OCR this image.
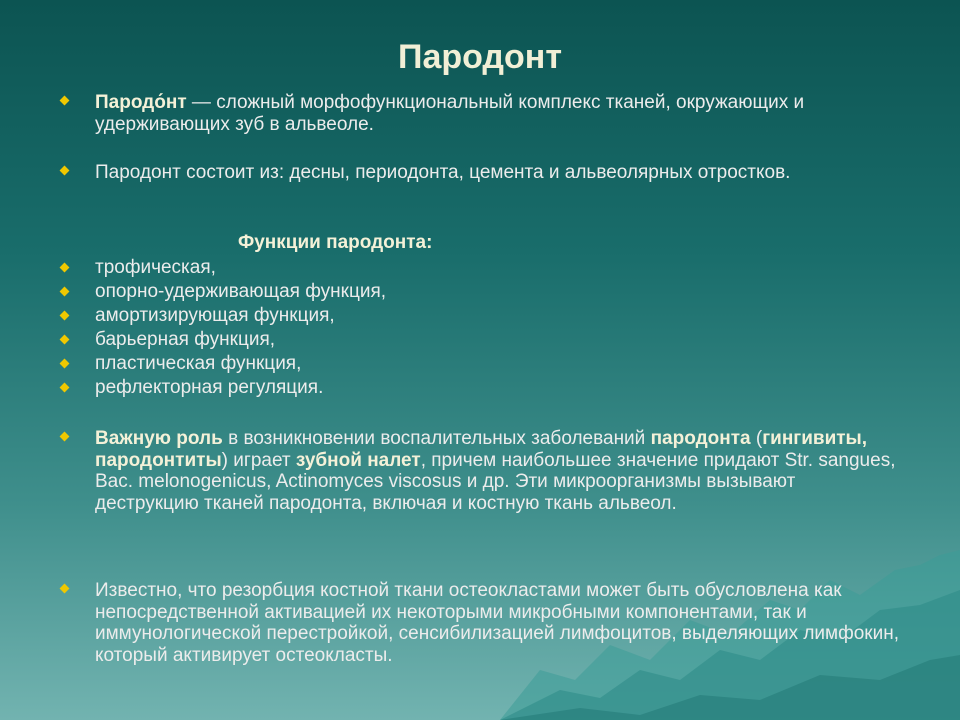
Пародонт
Пародо́нт — сложный морфофункциональный комплекс тканей, окружающих и удерживающих зуб в альвеоле.
Пародонт состоит из: десны, периодонта, цемента и альвеолярных отростков.
Функции пародонта:
трофическая,
опорно-удерживающая функция,
амортизирующая функция,
барьерная функция,
пластическая функция,
рефлекторная регуляция.
Важную роль в возникновении воспалительных заболеваний пародонта (гингивиты, пародонтиты) играет зубной налет, причем наибольшее значение придают Str. sangues, Bac. melonogenicus, Actinomyces viscosus и др. Эти микроорганизмы вызывают деструкцию тканей пародонта, включая и костную ткань альвеол.
Известно, что резорбция костной ткани остеокластами может быть обусловлена как непосредственной активацией их некоторыми микробными компонентами, так и иммунологической перестройкой, сенсибилизацией лимфоцитов, выделяющих лимфокин, который активирует остеокласты.
